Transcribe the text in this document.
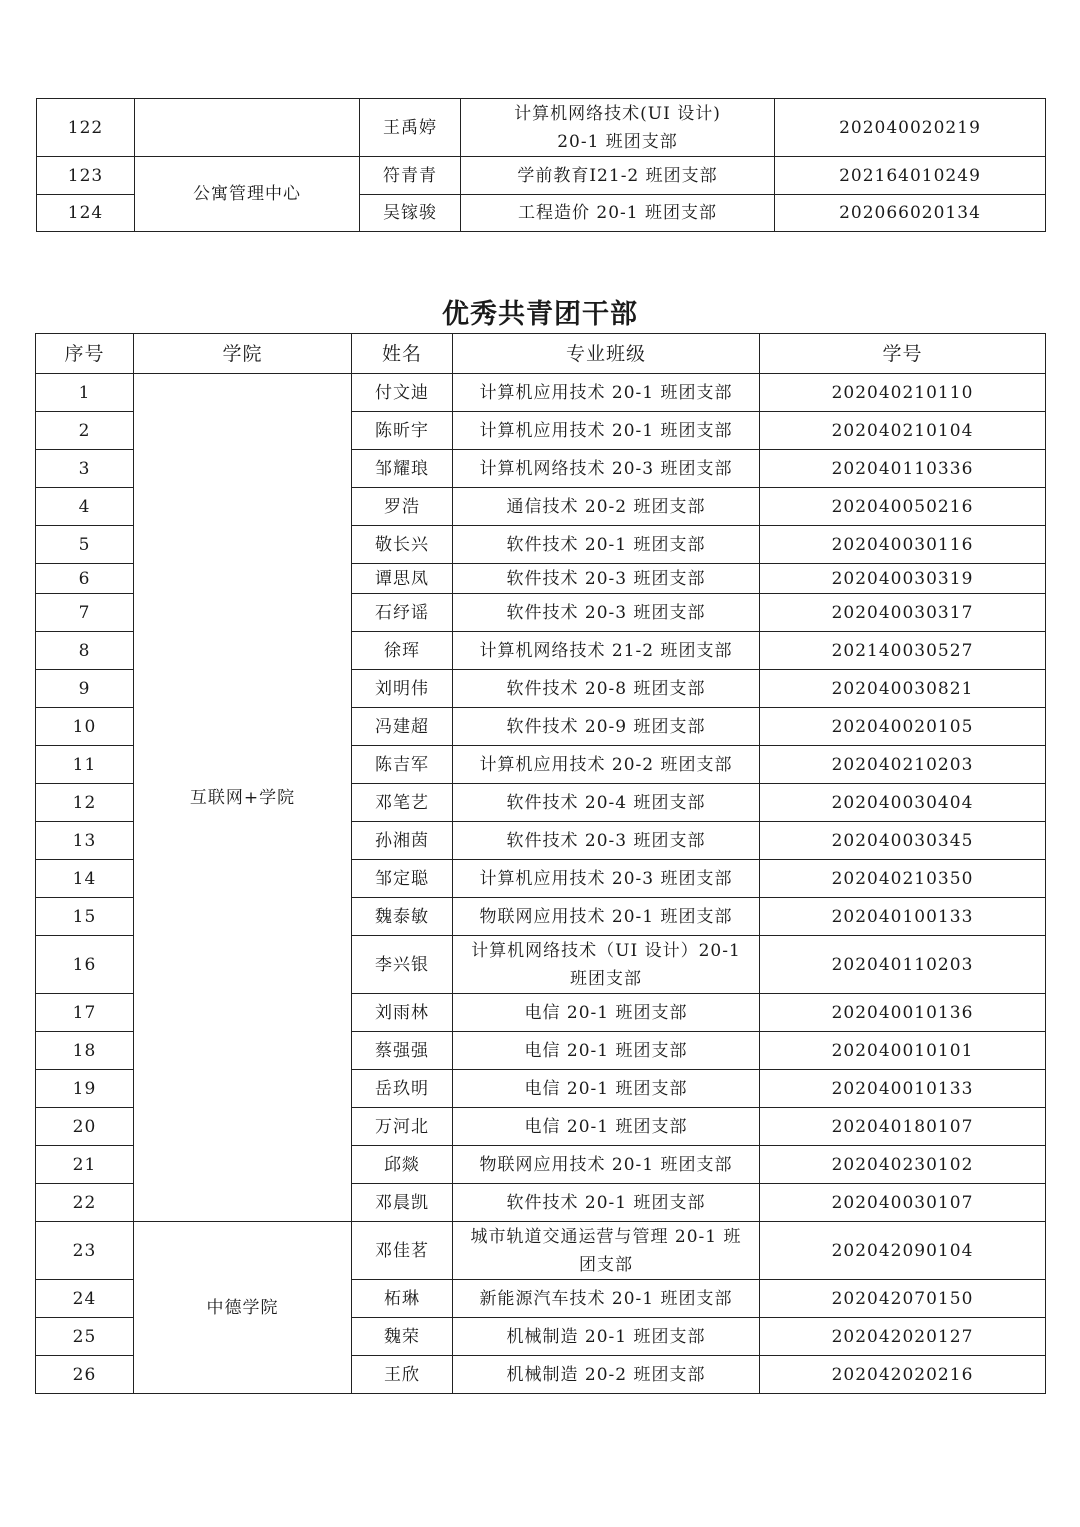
122		王禹婷	计算机网络技术(UI 设计)
20-1 班团支部	202040020219
123	公寓管理中心	符青青	学前教育Ⅰ21-2 班团支部	202164010249
124		吴镓骏	工程造价 20-1 班团支部	202066020134
优秀共青团干部
序号	学院	姓名	专业班级	学号
1	互联网+学院	付文迪	计算机应用技术 20-1 班团支部	202040210110
2		陈昕宇	计算机应用技术 20-1 班团支部	202040210104
3		邹耀琅	计算机网络技术 20-3 班团支部	202040110336
4		罗浩	通信技术 20-2 班团支部	202040050216
5		敬长兴	软件技术 20-1 班团支部	202040030116
6		谭思凤	软件技术 20-3 班团支部	202040030319
7		石纾谣	软件技术 20-3 班团支部	202040030317
8		徐珲	计算机网络技术 21-2 班团支部	202140030527
9		刘明伟	软件技术 20-8 班团支部	202040030821
10		冯建超	软件技术 20-9 班团支部	202040020105
11		陈吉军	计算机应用技术 20-2 班团支部	202040210203
12		邓笔艺	软件技术 20-4 班团支部	202040030404
13		孙湘茵	软件技术 20-3 班团支部	202040030345
14		邹定聪	计算机应用技术 20-3 班团支部	202040210350
15		魏泰敏	物联网应用技术 20-1 班团支部	202040100133
16		李兴银	计算机网络技术（UI 设计）20-1
班团支部	202040110203
17		刘雨林	电信 20-1 班团支部	202040010136
18		蔡强强	电信 20-1 班团支部	202040010101
19		岳玖明	电信 20-1 班团支部	202040010133
20		万河北	电信 20-1 班团支部	202040180107
21		邱燚	物联网应用技术 20-1 班团支部	202040230102
22		邓晨凯	软件技术 20-1 班团支部	202040030107
23	中德学院	邓佳茗	城市轨道交通运营与管理 20-1 班
团支部	202042090104
24		柘琳	新能源汽车技术 20-1 班团支部	202042070150
25		魏荣	机械制造 20-1 班团支部	202042020127
26		王欣	机械制造 20-2 班团支部	202042020216
